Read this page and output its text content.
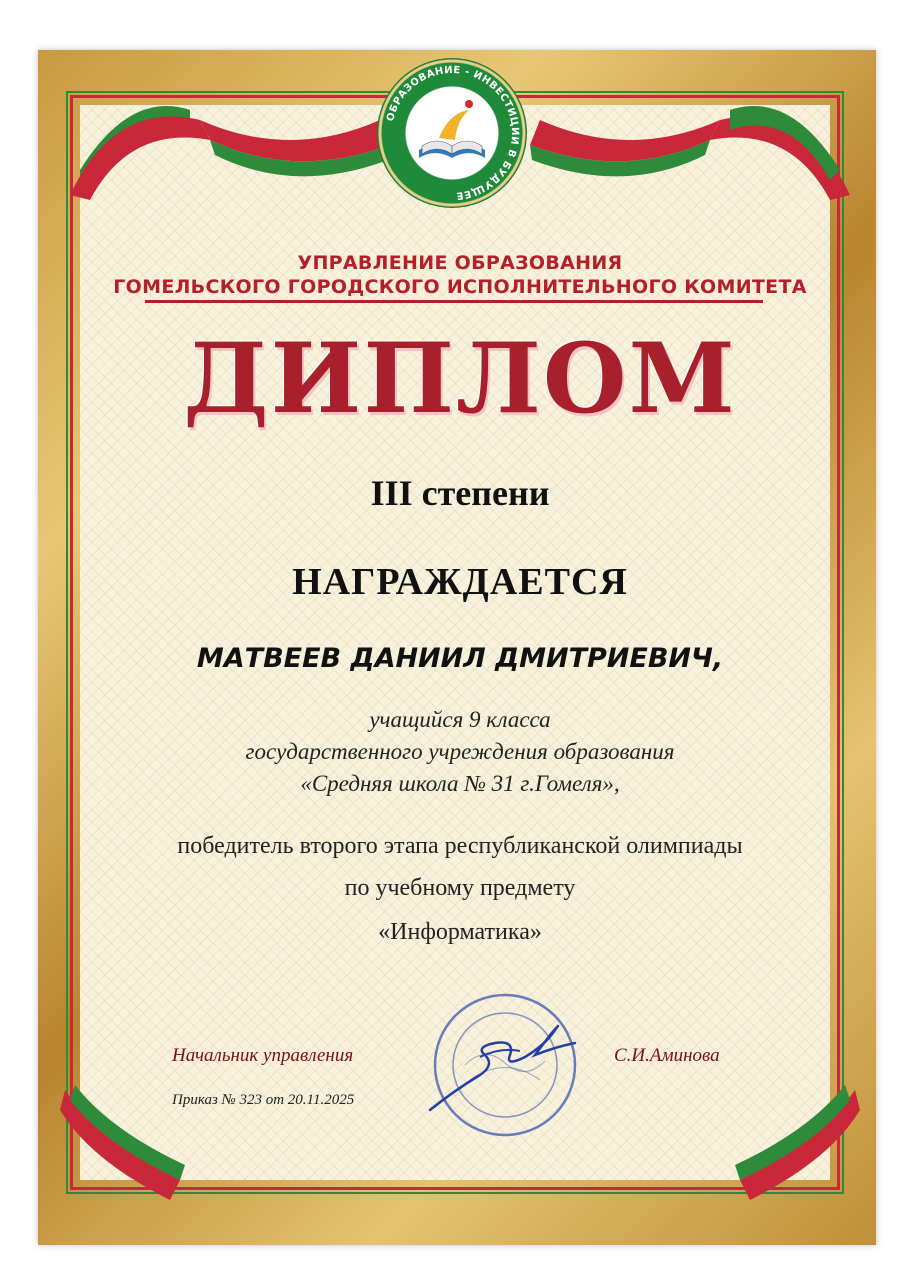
ОБРАЗОВАНИЕ - ИНВЕСТИЦИИ В БУДУЩЕЕ
УПРАВЛЕНИЕ ОБРАЗОВАНИЯ
ГОМЕЛЬСКОГО ГОРОДСКОГО ИСПОЛНИТЕЛЬНОГО КОМИТЕТА
ДИПЛОМ
III степени
НАГРАЖДАЕТСЯ
МАТВЕЕВ ДАНИИЛ ДМИТРИЕВИЧ,
учащийся 9 класса
государственного учреждения образования
«Средняя школа № 31 г.Гомеля»,
победитель второго этапа республиканской олимпиады
по учебному предмету
«Информатика»
Начальник управления	С.И.Аминова
Приказ № 323 от 20.11.2025
